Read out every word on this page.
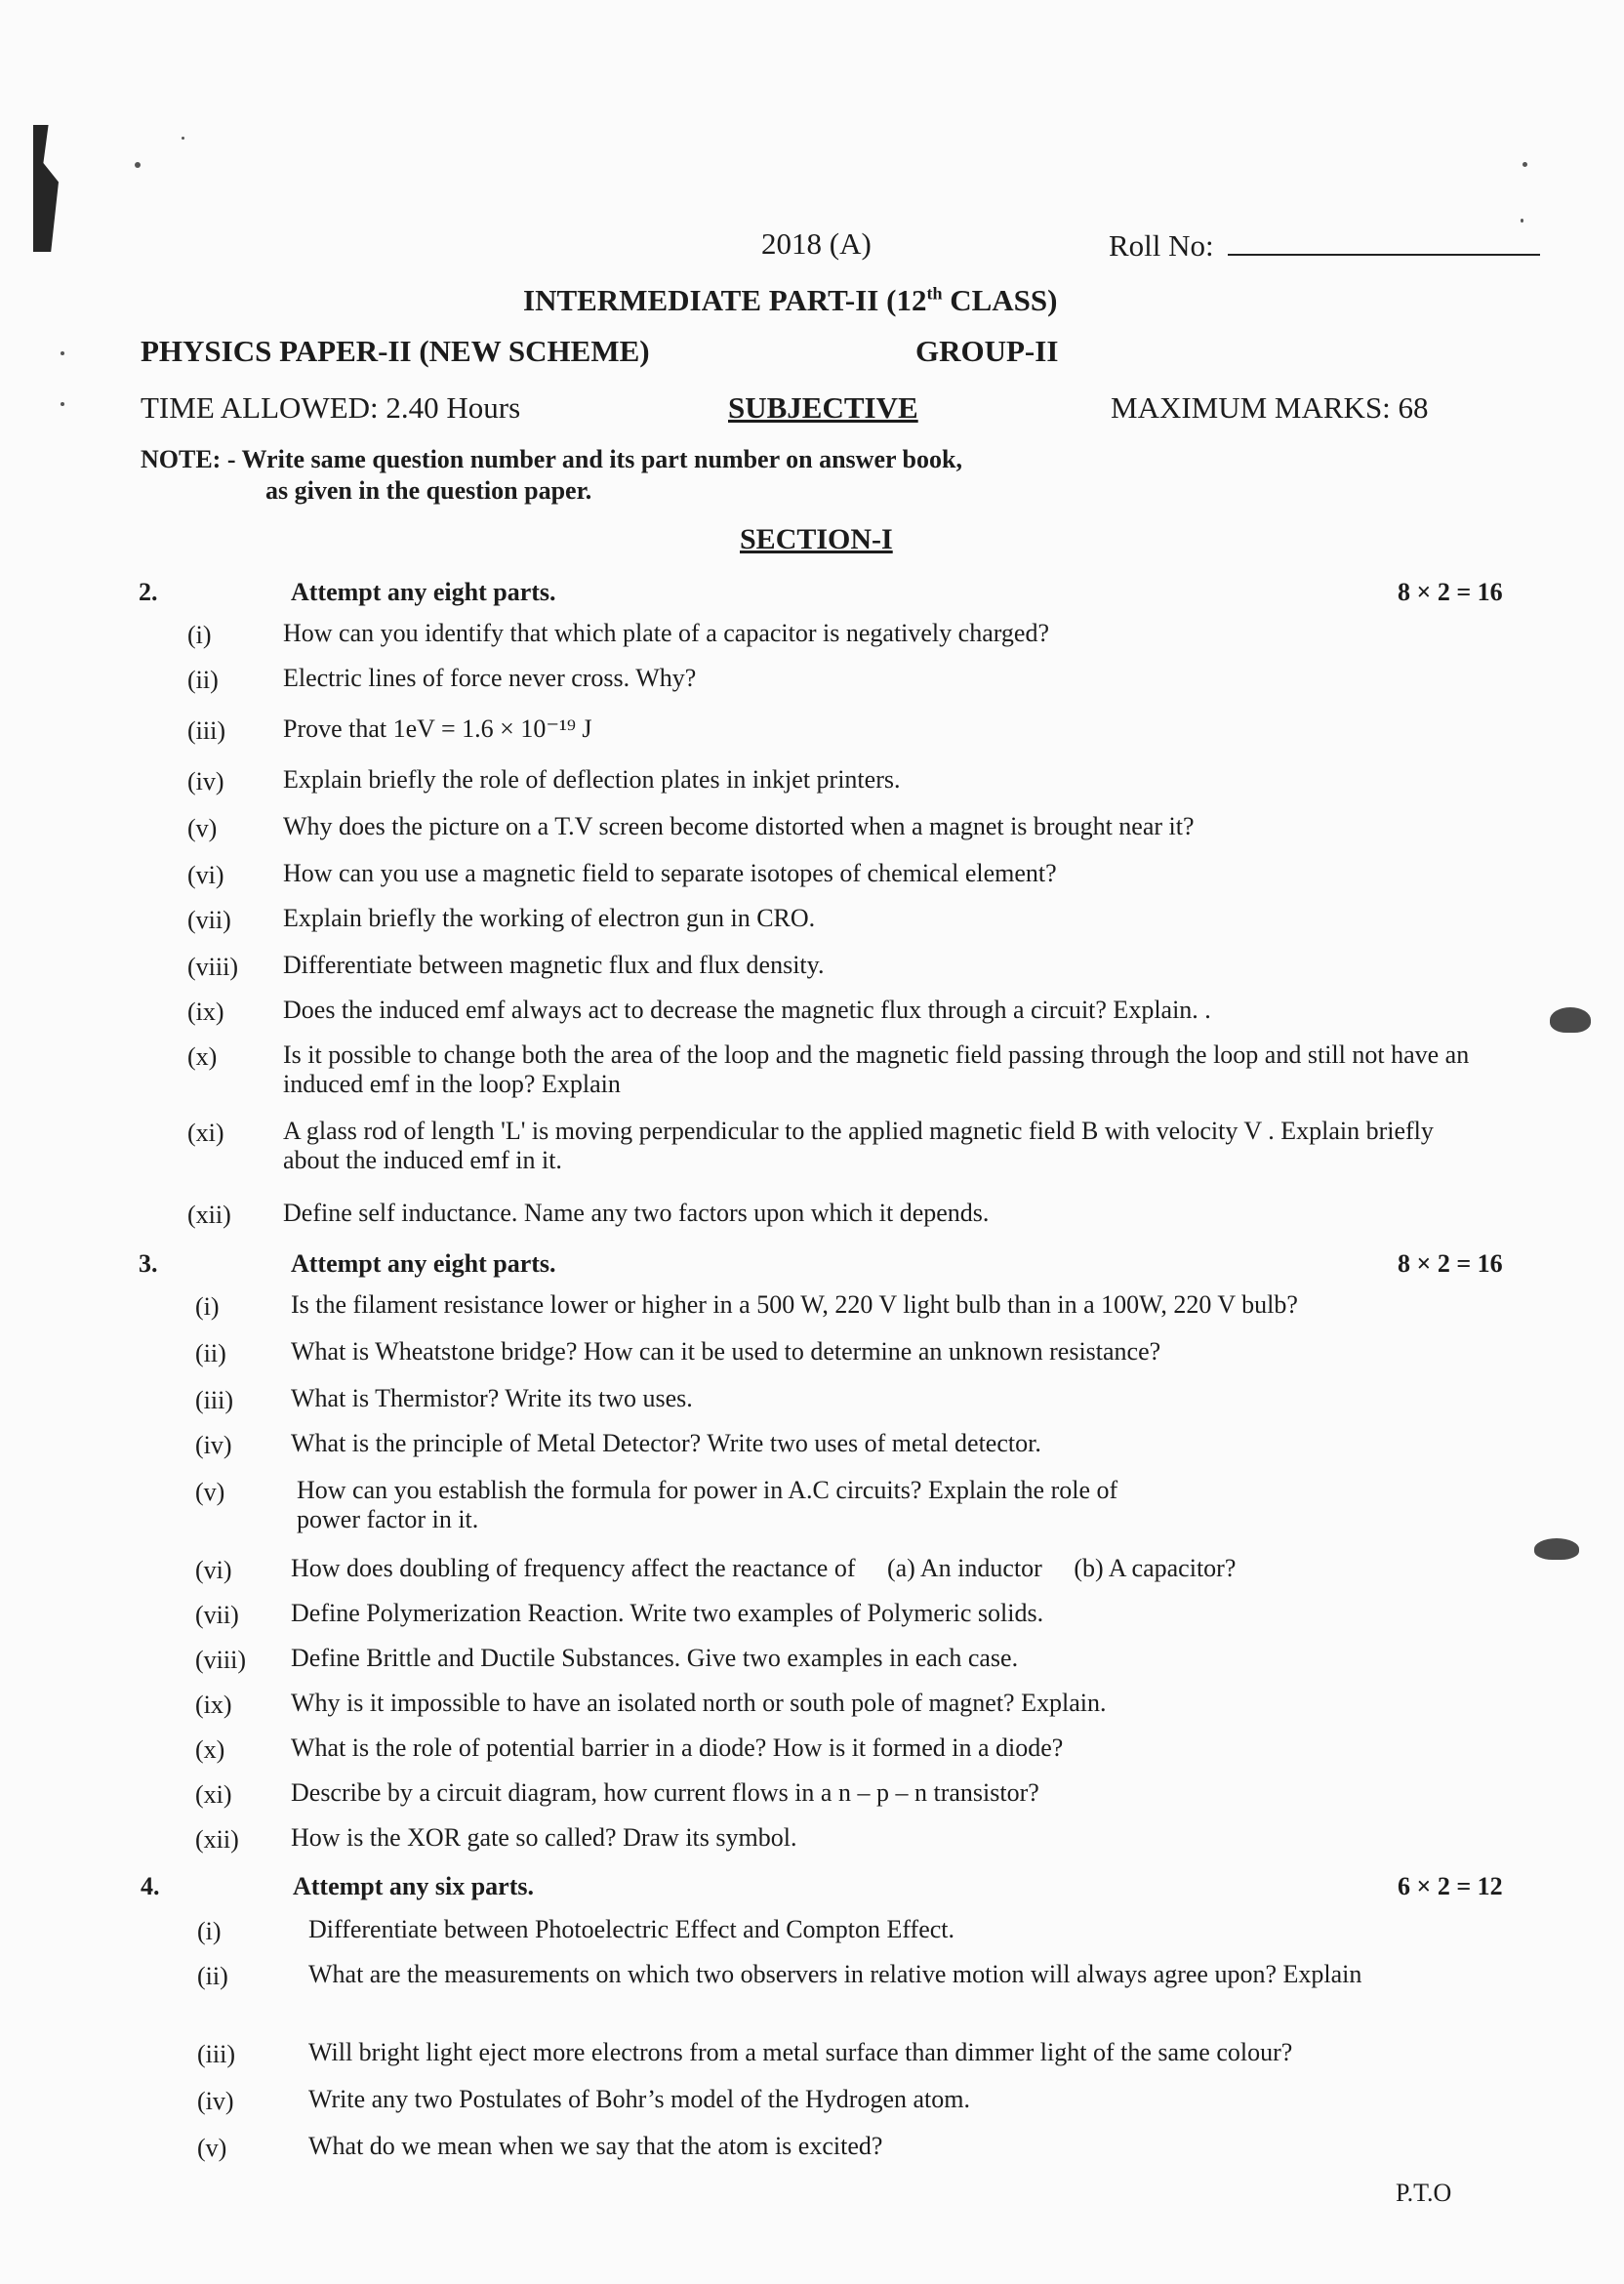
2018 (A)	Roll No:
INTERMEDIATE PART-II (12th CLASS)
PHYSICS PAPER-II (NEW SCHEME)	GROUP-II
TIME ALLOWED: 2.40 Hours	SUBJECTIVE	MAXIMUM MARKS: 68
NOTE: - Write same question number and its part number on answer book,
as given in the question paper.
SECTION-I
2.	Attempt any eight parts.	8 × 2 = 16
(i)	How can you identify that which plate of a capacitor is negatively charged?
(ii)	Electric lines of force never cross. Why?
(iii) Prove that 1eV = 1.6 × 10⁻¹⁹ J
(iv) Explain briefly the role of deflection plates in inkjet printers.
(v)	Why does the picture on a T.V screen become distorted when a magnet is brought near it?
(vi) How can you use a magnetic field to separate isotopes of chemical element?
(vii) Explain briefly the working of electron gun in CRO.
(viii) Differentiate between magnetic flux and flux density.
(ix) Does the induced emf always act to decrease the magnetic flux through a circuit? Explain. .
(x)	Is it possible to change both the area of the loop and the magnetic field passing through the loop and still not have an induced emf in the loop? Explain
(xi) A glass rod of length 'L' is moving perpendicular to the applied magnetic field B with velocity V . Explain briefly about the induced emf in it.
(xii) Define self inductance. Name any two factors upon which it depends.
3.	Attempt any eight parts.	8 × 2 = 16
(i)	Is the filament resistance lower or higher in a 500 W, 220 V light bulb than in a 100W, 220 V bulb?
(ii)	What is Wheatstone bridge? How can it be used to determine an unknown resistance?
(iii) What is Thermistor? Write its two uses.
(iv) What is the principle of Metal Detector? Write two uses of metal detector.
(v)	How can you establish the formula for power in A.C circuits? Explain the role of power factor in it.
(vi) How does doubling of frequency affect the reactance of     (a) An inductor     (b) A capacitor?
(vii) Define Polymerization Reaction. Write two examples of Polymeric solids.
(viii) Define Brittle and Ductile Substances. Give two examples in each case.
(ix) Why is it impossible to have an isolated north or south pole of magnet? Explain.
(x)	What is the role of potential barrier in a diode? How is it formed in a diode?
(xi) Describe by a circuit diagram, how current flows in a n – p – n transistor?
(xii) How is the XOR gate so called? Draw its symbol.
4.	Attempt any six parts.	6 × 2 = 12
(i)	Differentiate between Photoelectric Effect and Compton Effect.
(ii)	What are the measurements on which two observers in relative motion will always agree upon? Explain
(iii)	Will bright light eject more electrons from a metal surface than dimmer light of the same colour?
(iv)	Write any two Postulates of Bohr’s model of the Hydrogen atom.
(v)	What do we mean when we say that the atom is excited?
P.T.O
